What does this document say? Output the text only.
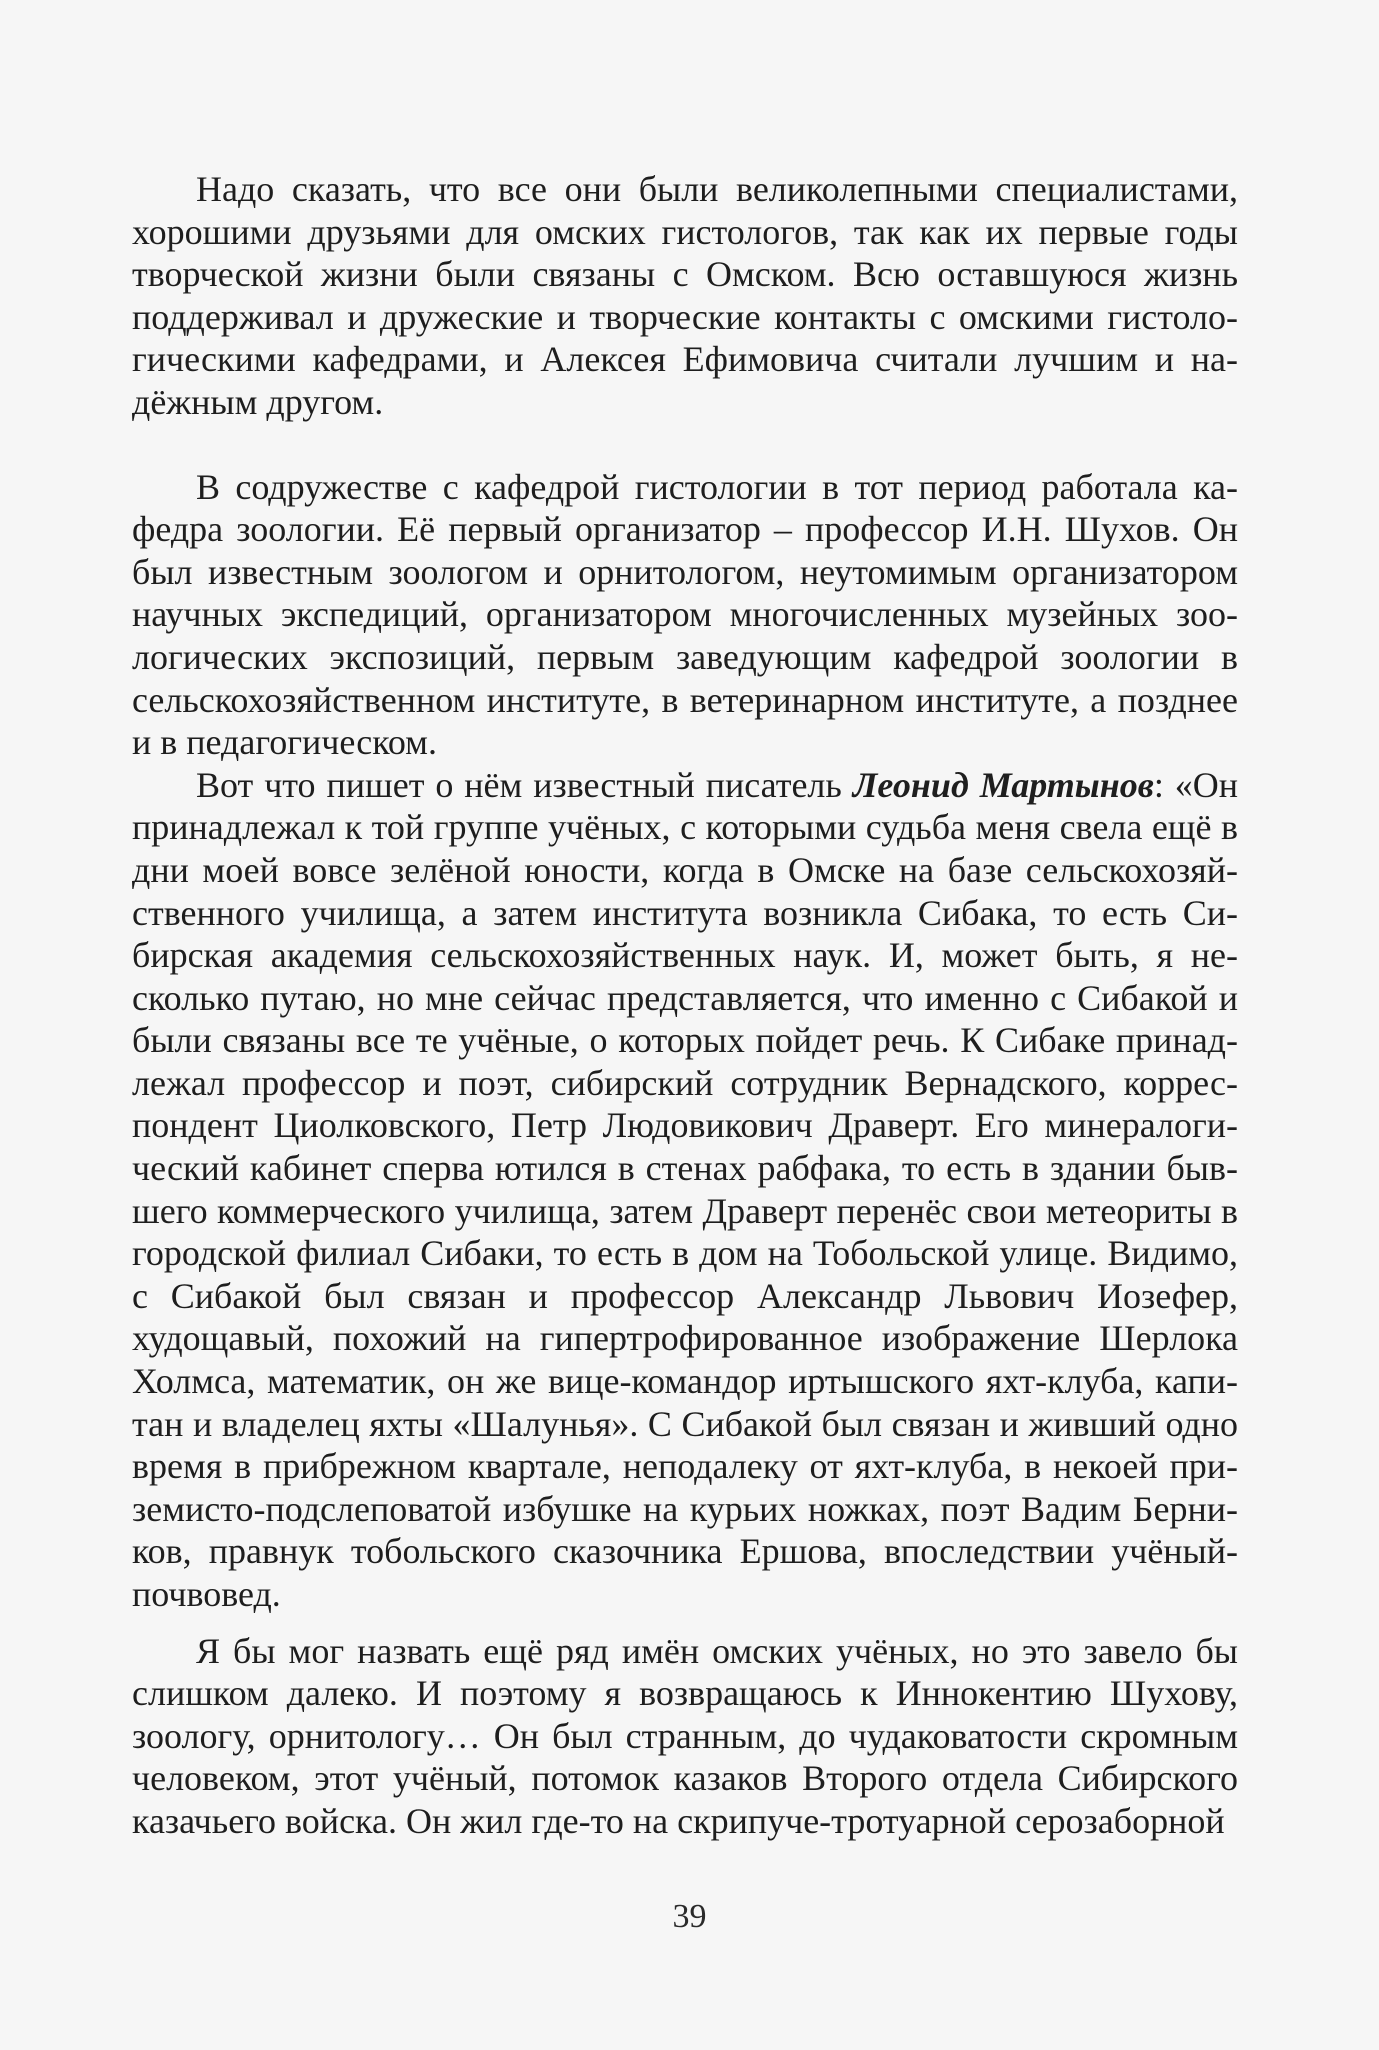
Надо сказать, что все они были великолепными специалистами, хорошими друзьями для омских гистологов, так как их первые годы творческой жизни были связаны с Омском. Всю оставшуюся жизнь поддерживал и дружеские и творческие контакты с омскими гистологическими кафедрами, и Алексея Ефимовича считали лучшим и надёжным другом.

В содружестве с кафедрой гистологии в тот период работала кафедра зоологии. Её первый организатор – профессор И.Н. Шухов. Он был известным зоологом и орнитологом, неутомимым организатором научных экспедиций, организатором многочисленных музейных зоологических экспозиций, первым заведующим кафедрой зоологии в сельскохозяйственном институте, в ветеринарном институте, а позднее и в педагогическом.

Вот что пишет о нём известный писатель Леонид Мартынов: «Он принадлежал к той группе учёных, с которыми судьба меня свела ещё в дни моей вовсе зелёной юности, когда в Омске на базе сельскохозяйственного училища, а затем института возникла Сибака, то есть Сибирская академия сельскохозяйственных наук. И, может быть, я несколько путаю, но мне сейчас представляется, что именно с Сибакой и были связаны все те учёные, о которых пойдет речь. К Сибаке принадлежал профессор и поэт, сибирский сотрудник Вернадского, корреспондент Циолковского, Петр Людовикович Драверт. Его минералогический кабинет сперва ютился в стенах рабфака, то есть в здании бывшего коммерческого училища, затем Драверт перенёс свои метеориты в городской филиал Сибаки, то есть в дом на Тобольской улице. Видимо, с Сибакой был связан и профессор Александр Львович Иозефер, худощавый, похожий на гипертрофированное изображение Шерлока Холмса, математик, он же вице-командор иртышского яхт-клуба, капитан и владелец яхты «Шалунья». С Сибакой был связан и живший одно время в прибрежном квартале, неподалеку от яхт-клуба, в некоей приземисто-подслеповатой избушке на курьих ножках, поэт Вадим Берников, правнук тобольского сказочника Ершова, впоследствии учёный-почвовед.

Я бы мог назвать ещё ряд имён омских учёных, но это завело бы слишком далеко. И поэтому я возвращаюсь к Иннокентию Шухову, зоологу, орнитологу… Он был странным, до чудаковатости скромным человеком, этот учёный, потомок казаков Второго отдела Сибирского казачьего войска. Он жил где-то на скрипуче-тротуарной серозаборной

39
